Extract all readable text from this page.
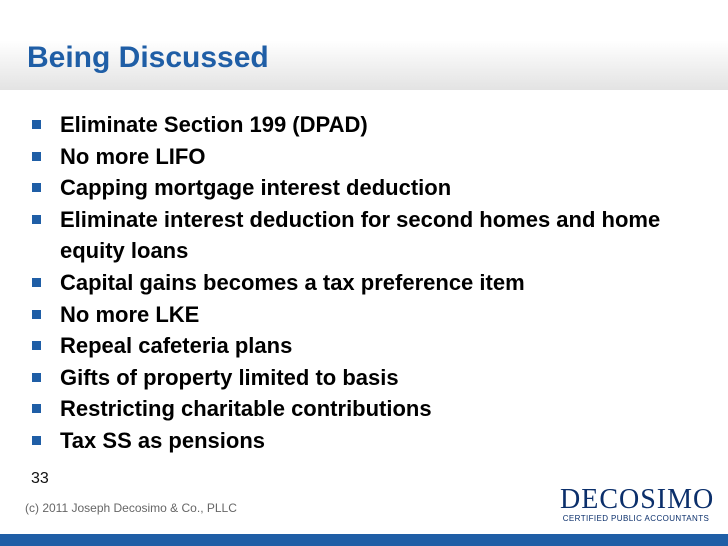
Being Discussed
Eliminate Section 199 (DPAD)
No more LIFO
Capping mortgage interest deduction
Eliminate interest deduction for second homes and home equity loans
Capital gains becomes a tax preference item
No more LKE
Repeal cafeteria plans
Gifts of property limited to basis
Restricting charitable contributions
Tax SS as pensions
33
(c) 2011 Joseph Decosimo & Co., PLLC	DECOSIMO
CERTIFIED PUBLIC ACCOUNTANTS
